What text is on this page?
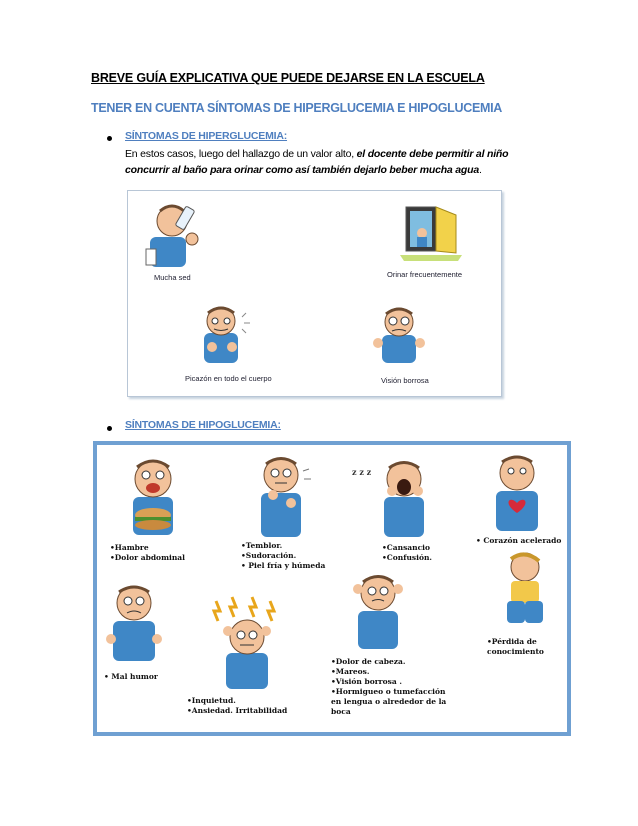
BREVE GUÍA EXPLICATIVA QUE PUEDE DEJARSE EN LA ESCUELA
TENER EN CUENTA SÍNTOMAS DE HIPERGLUCEMIA E HIPOGLUCEMIA
SÍNTOMAS DE HIPERGLUCEMIA:
En estos casos, luego del hallazgo de un valor alto, el docente debe permitir al niño
concurrir al baño para orinar como así también dejarlo beber mucha agua.
Mucha sed	Orinar frecuentemente
Picazón en todo el cuerpo	Visión borrosa
SÍNTOMAS DE HIPOGLUCEMIA:
•Hambre
•Dolor abdominal
•Temblor.
•Sudoración.
• Piel fría y húmeda
z z z
•Cansancio
•Confusión.
• Corazón acelerado
•Pérdida de
conocimiento
• Mal humor
•Inquietud.
•Ansiedad. Irritabilidad
•Dolor de cabeza.
•Mareos.
•Visión borrosa .
•Hormigueo o tumefacción
en lengua o alrededor de la
boca
